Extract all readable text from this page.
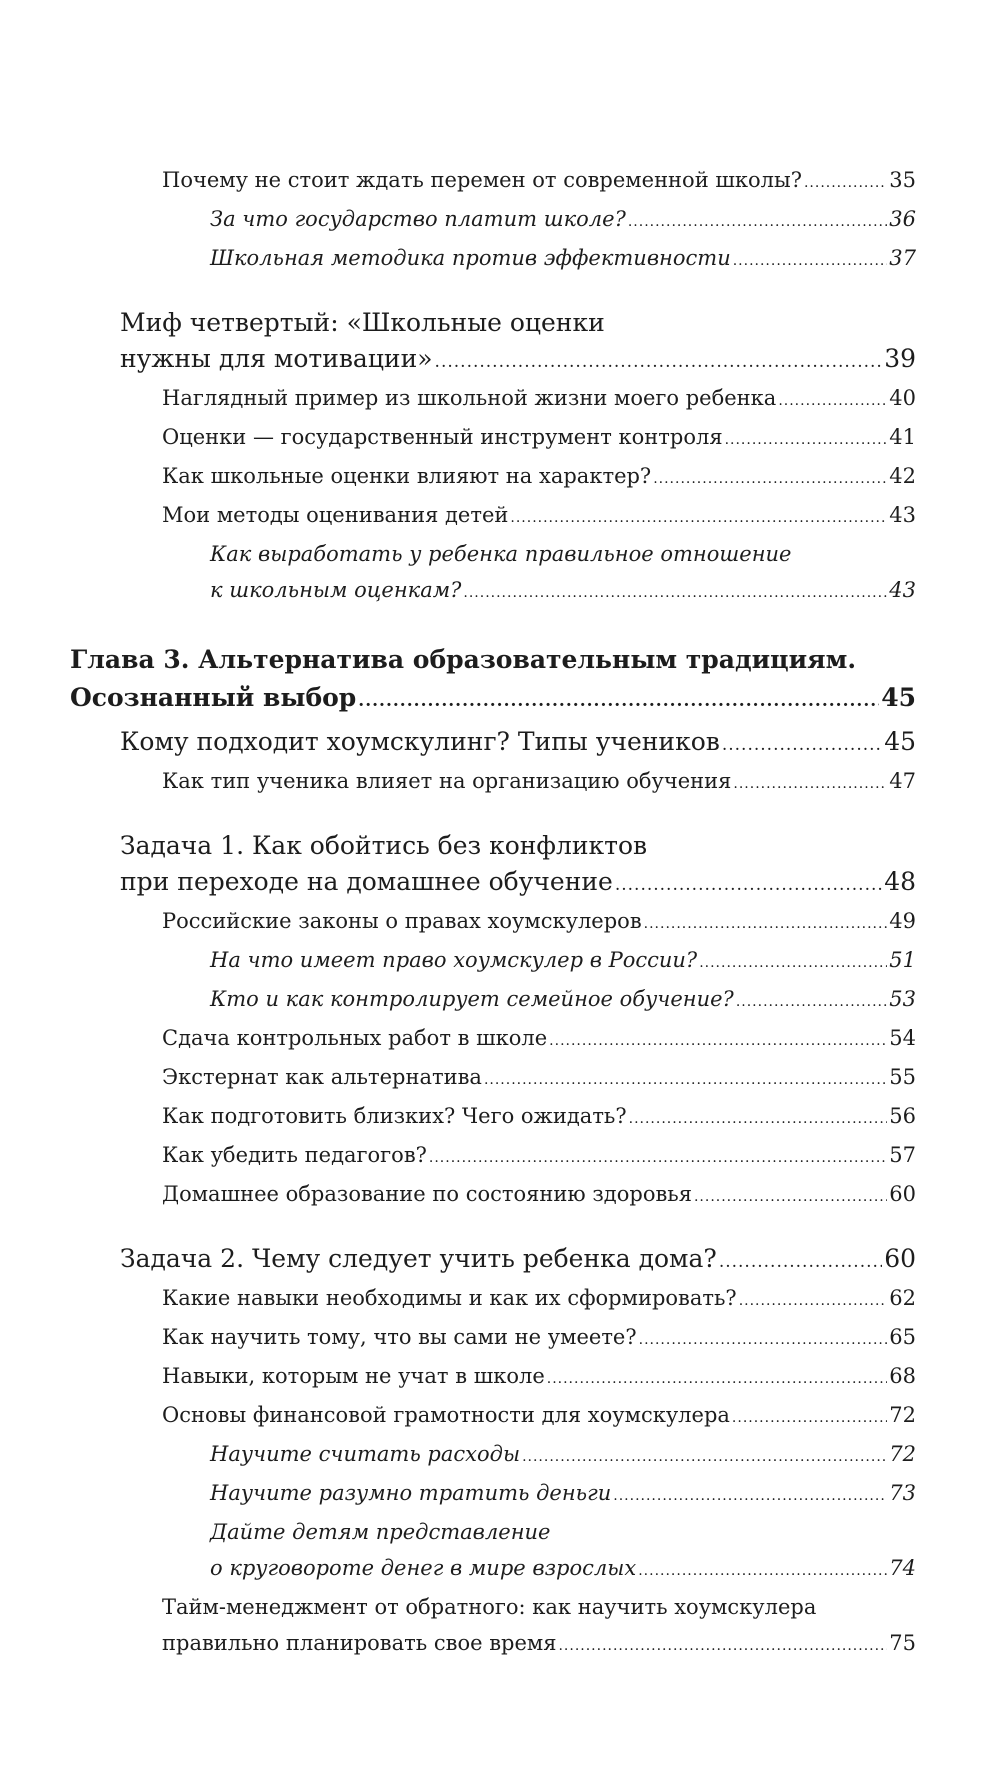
Почему не стоит ждать перемен от современной школы? .....	35
За что государство платит школе? .....	36
Школьная методика против эффективности .....	37
Миф четвертый: «Школьные оценки
нужны для мотивации» .....	39
Наглядный пример из школьной жизни моего ребенка .....	40
Оценки — государственный инструмент контроля .....	41
Как школьные оценки влияют на характер? .....	42
Мои методы оценивания детей .....	43
Как выработать у ребенка правильное отношение
к школьным оценкам? .....	43
Глава 3. Альтернатива образовательным традициям.
Осознанный выбор .....	45
Кому подходит хоумскулинг? Типы учеников .....	45
Как тип ученика влияет на организацию обучения .....	47
Задача 1. Как обойтись без конфликтов
при переходе на домашнее обучение .....	48
Российские законы о правах хоумскулеров .....	49
На что имеет право хоумскулер в России? .....	51
Кто и как контролирует семейное обучение? .....	53
Сдача контрольных работ в школе .....	54
Экстернат как альтернатива .....	55
Как подготовить близких? Чего ожидать? .....	56
Как убедить педагогов? .....	57
Домашнее образование по состоянию здоровья .....	60
Задача 2. Чему следует учить ребенка дома? .....	60
Какие навыки необходимы и как их сформировать? .....	62
Как научить тому, что вы сами не умеете? .....	65
Навыки, которым не учат в школе .....	68
Основы финансовой грамотности для хоумскулера .....	72
Научите считать расходы .....	72
Научите разумно тратить деньги .....	73
Дайте детям представление
о круговороте денег в мире взрослых .....	74
Тайм-менеджмент от обратного: как научить хоумскулера
правильно планировать свое время .....	75
